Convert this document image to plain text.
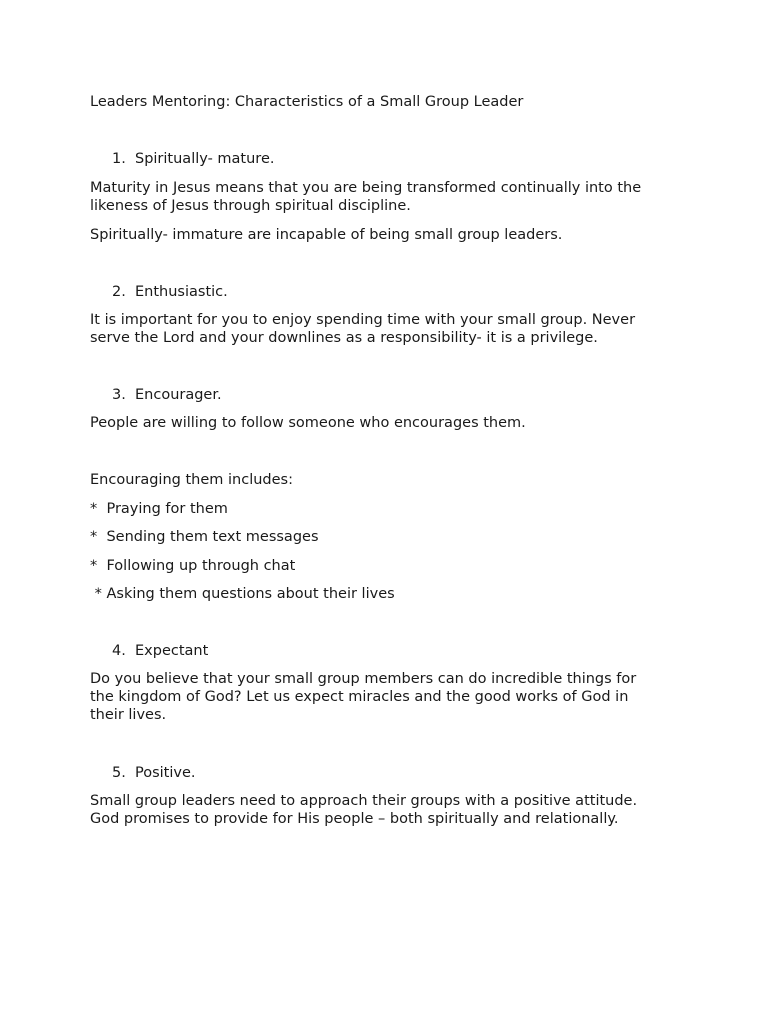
Leaders Mentoring: Characteristics of a Small Group Leader
1. Spiritually- mature.
Maturity in Jesus means that you are being transformed continually into the
likeness of Jesus through spiritual discipline.
Spiritually- immature are incapable of being small group leaders.
2. Enthusiastic.
It is important for you to enjoy spending time with your small group. Never
serve the Lord and your downlines as a responsibility- it is a privilege.
3. Encourager.
People are willing to follow someone who encourages them.
Encouraging them includes:
*  Praying for them
*  Sending them text messages
*  Following up through chat
* Asking them questions about their lives
4. Expectant
Do you believe that your small group members can do incredible things for
the kingdom of God? Let us expect miracles and the good works of God in
their lives.
5. Positive.
Small group leaders need to approach their groups with a positive attitude.
God promises to provide for His people – both spiritually and relationally.
